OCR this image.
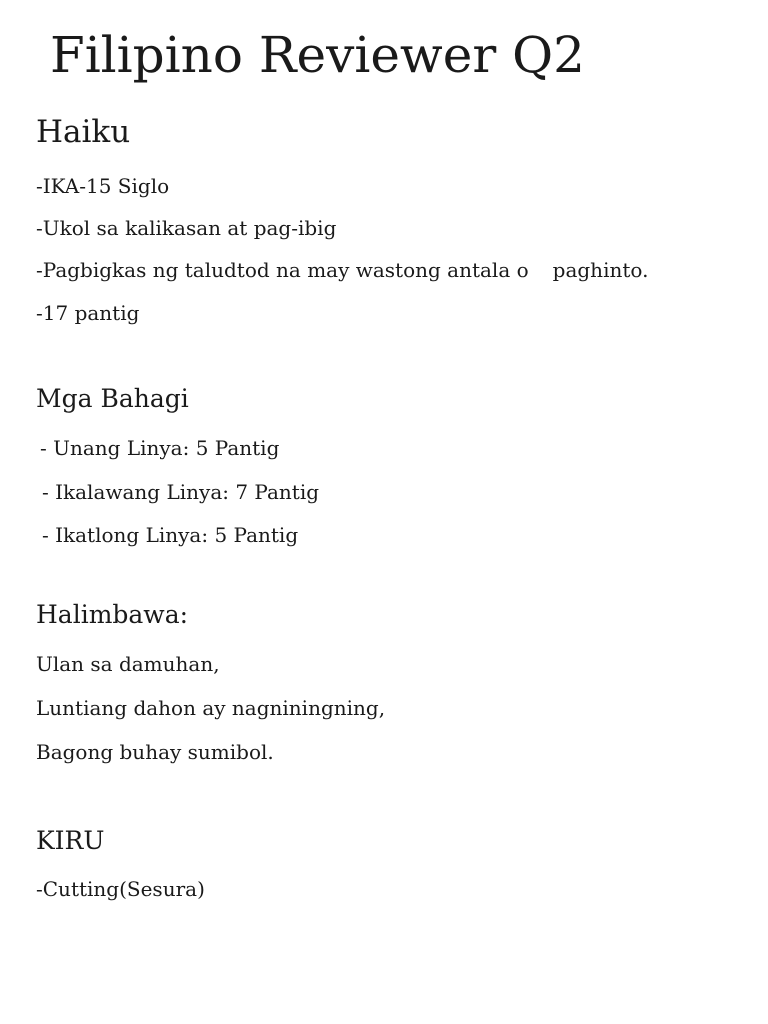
Filipino Reviewer Q2
Haiku

-IKA-15 Siglo

-Ukol sa kalikasan at pag-ibig

-Pagbigkas ng taludtod na may wastong antala o paghinto.

-17 pantig

Mga Bahagi

- Unang Linya: 5 Pantig

- Ikalawang Linya: 7 Pantig

- Ikatlong Linya: 5 Pantig

Halimbawa:

Ulan sa damuhan,

Luntiang dahon ay nagniningning,

Bagong buhay sumibol.

KIRU

-Cutting(Sesura)
